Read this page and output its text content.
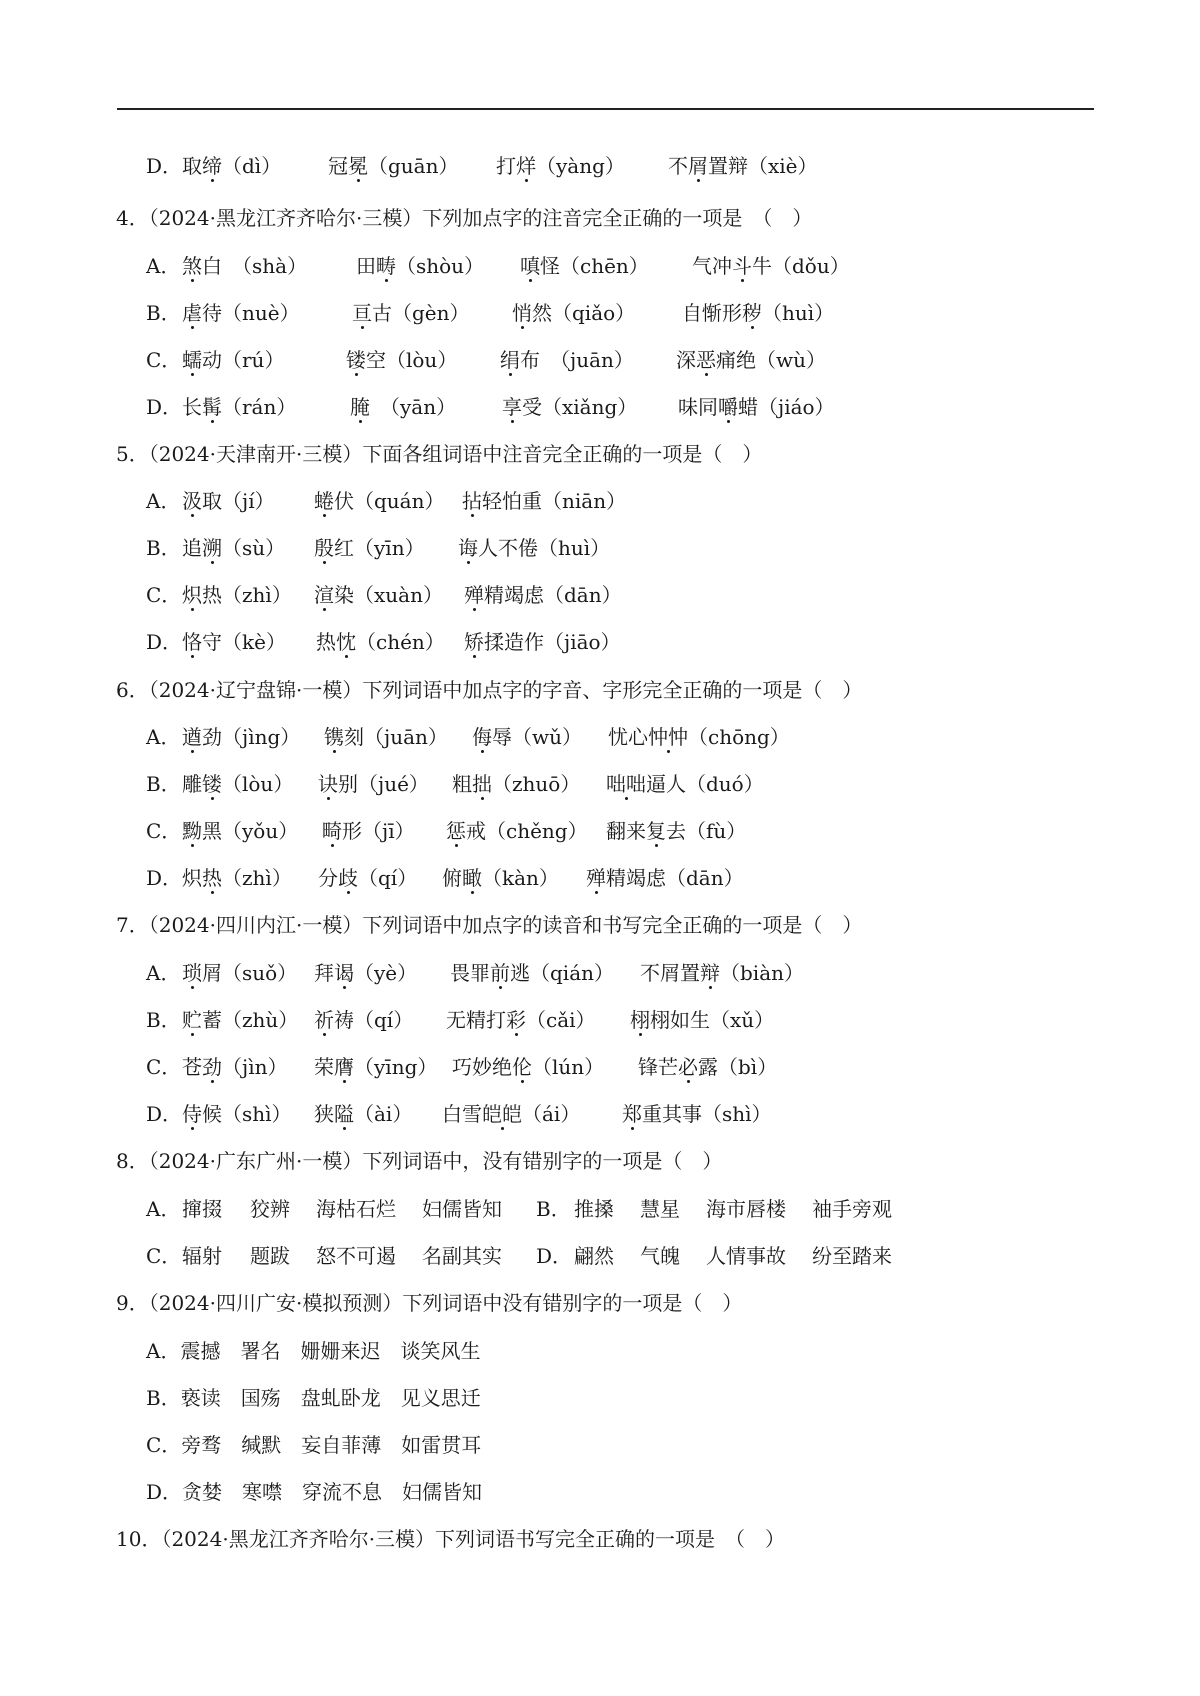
D． 取缔（dì） 冠冕（guān） 打烊（yàng） 不屑置辩（xiè）
4．（2024·黑龙江齐齐哈尔·三模）下列加点字的注音完全正确的一项是　（　）
A． 煞白　（shà） 田畴（shòu） 嗔怪（chēn） 气冲斗牛（dǒu）
B． 虐待（nuè）	亘古（gèn） 悄然（qiǎo） 自惭形秽（huì）
C． 蠕动（rú）	镂空（lòu） 绢布　（juān） 深恶痛绝（wù）
D． 长髯（rán）	腌　（yān） 享受（xiǎng） 味同嚼蜡（jiáo）
5．（2024·天津南开·三模）下面各组词语中注音完全正确的一项是（　）
A． 汲取（jí） 蜷伏（quán） 拈轻怕重（niān）
B． 追溯（sù） 殷红（yīn） 诲人不倦（huì）
C． 炽热（zhì） 渲染（xuàn） 殚精竭虑（dān）
D． 恪守（kè） 热忱（chén） 矫揉造作（jiāo）
6．（2024·辽宁盘锦·一模）下列词语中加点字的字音、字形完全正确的一项是（　）
A． 遒劲（jìng） 镌刻（juān） 侮辱（wǔ） 忧心忡忡（chōng）
B． 雕镂（lòu） 诀别（jué） 粗拙（zhuō） 咄咄逼人（duó）
C． 黝黑（yǒu） 畸形（jī） 惩戒（chěng） 翻来复去（fù）
D． 炽热（zhì） 分歧（qí） 俯瞰（kàn） 殚精竭虑（dān）
7．（2024·四川内江·一模）下列词语中加点字的读音和书写完全正确的一项是（　）
A． 琐屑（suǒ） 拜谒（yè） 畏罪前逃（qián） 不屑置辩（biàn）
B． 贮蓄（zhù） 祈祷（qí） 无精打彩（cǎi） 栩栩如生（xǔ）
C． 苍劲（jìn） 荣膺（yīng） 巧妙绝伦（lún） 锋芒必露（bì）
D． 侍候（shì） 狭隘（ài） 白雪皑皑（ái） 郑重其事（shì）
8．（2024·广东广州·一模）下列词语中，没有错别字的一项是（　）
A． 撺掇 狡辨 海枯石烂 妇儒皆知 B． 推搡 慧星 海市唇楼 袖手旁观
C． 辐射 题跋 怒不可遏 名副其实 D． 翩然 气魄 人情事故 纷至踏来
9．（2024·四川广安·模拟预测）下列词语中没有错别字的一项是（　）
A．震撼　署名　姗姗来迟　谈笑风生
B．亵读　国殇　盘虬卧龙　见义思迁
C．旁骛　缄默　妄自菲薄　如雷贯耳
D．贪婪　寒噤　穿流不息　妇儒皆知
10．（2024·黑龙江齐齐哈尔·三模）下列词语书写完全正确的一项是　（　）
